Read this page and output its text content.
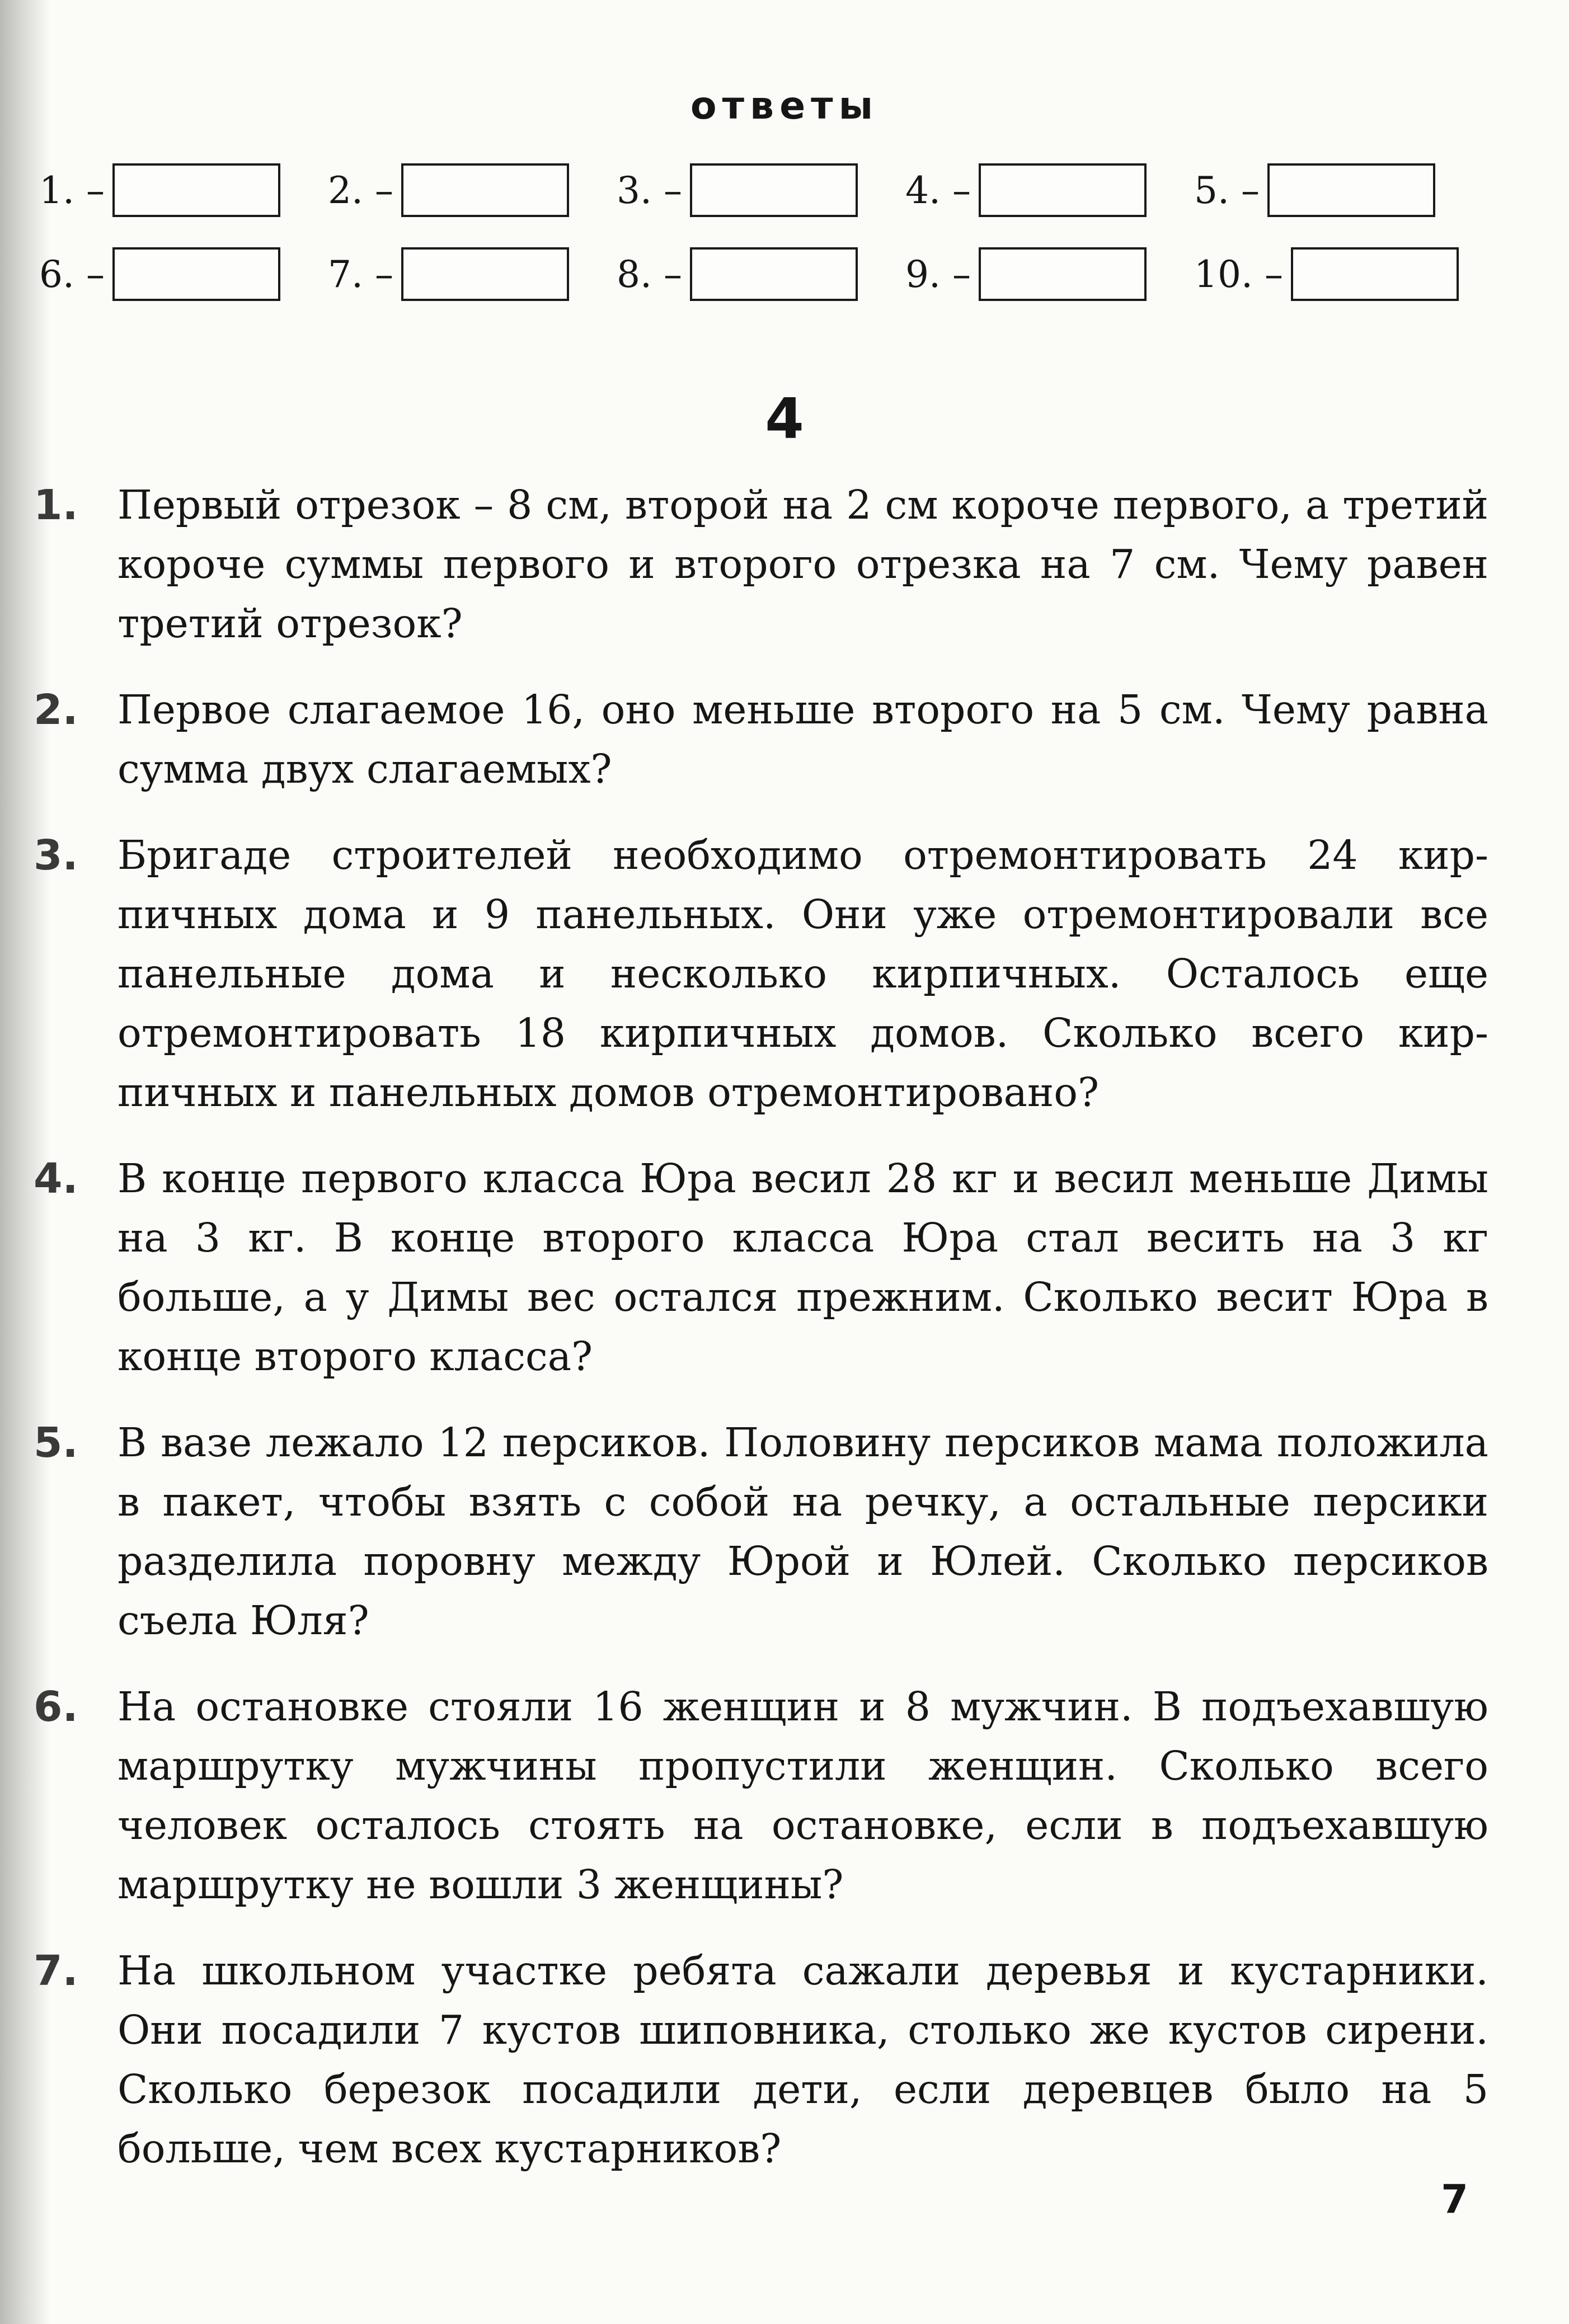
ответы
1. –	2. –	3. –	4. –	5. –
6. –	7. –	8. –	9. –	10. –
4
1. Первый отрезок – 8 см, второй на 2 см короче первого, а третий короче суммы первого и второго отрезка на 7 см. Чему равен третий отрезок?

2. Первое слагаемое 16, оно меньше второго на 5 см. Чему равна сумма двух слагаемых?

3. Бригаде строителей необходимо отремонтировать 24 кирпичных дома и 9 панельных. Они уже отремонтировали все панельные дома и несколько кирпичных. Осталось еще отремонтировать 18 кирпичных домов. Сколько всего кирпичных и панельных домов отремонтировано?

4. В конце первого класса Юра весил 28 кг и весил меньше Димы на 3 кг. В конце второго класса Юра стал весить на 3 кг больше, а у Димы вес остался прежним. Сколько весит Юра в конце второго класса?

5. В вазе лежало 12 персиков. Половину персиков мама положила в пакет, чтобы взять с собой на речку, а остальные персики разделила поровну между Юрой и Юлей. Сколько персиков съела Юля?

6. На остановке стояли 16 женщин и 8 мужчин. В подъехавшую маршрутку мужчины пропустили женщин. Сколько всего человек осталось стоять на остановке, если в подъехавшую маршрутку не вошли 3 женщины?

7. На школьном участке ребята сажали деревья и кустарники. Они посадили 7 кустов шиповника, столько же кустов сирени. Сколько березок посадили дети, если деревцев было на 5 больше, чем всех кустарников?

7
